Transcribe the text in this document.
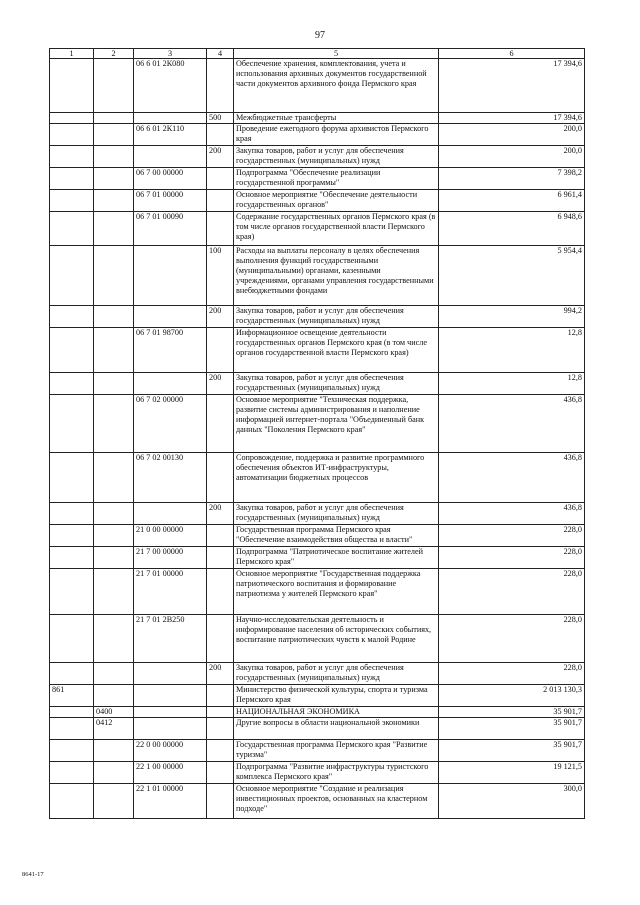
97
1	2	3	4	5	6
		06 6 01 2К080		Обеспечение хранения, комплектования, учета и использования архивных документов государственной части документов архивного фонда Пермского края	17 394,6
			500	Межбюджетные трансферты	17 394,6
		06 6 01 2К110		Проведение ежегодного форума архивистов Пермского края	200,0
			200	Закупка товаров, работ и услуг для обеспечения государственных (муниципальных) нужд	200,0
		06 7 00 00000		Подпрограмма "Обеспечение реализации государственной программы"	7 398,2
		06 7 01 00000		Основное мероприятие "Обеспечение деятельности государственных органов"	6 961,4
		06 7 01 00090		Содержание государственных органов Пермского края (в том числе органов государственной власти Пермского края)	6 948,6
			100	Расходы на выплаты персоналу в целях обеспечения выполнения функций государственными (муниципальными) органами, казенными учреждениями, органами управления государственными внебюджетными фондами	5 954,4
			200	Закупка товаров, работ и услуг для обеспечения государственных (муниципальных) нужд	994,2
		06 7 01 98700		Информационное освещение деятельности государственных органов Пермского края (в том числе органов государственной власти Пермского края)	12,8
			200	Закупка товаров, работ и услуг для обеспечения государственных (муниципальных) нужд	12,8
		06 7 02 00000		Основное мероприятие "Техническая поддержка, развитие системы администрирования и наполнение информацией интернет-портала "Объединенный банк данных "Поколения Пермского края"	436,8
		06 7 02 00130		Сопровождение, поддержка и развитие программного обеспечения объектов ИТ-инфраструктуры, автоматизации бюджетных процессов	436,8
			200	Закупка товаров, работ и услуг для обеспечения государственных (муниципальных) нужд	436,8
		21 0 00 00000		Государственная программа Пермского края "Обеспечение взаимодействия общества и власти"	228,0
		21 7 00 00000		Подпрограмма "Патриотическое воспитание жителей Пермского края"	228,0
		21 7 01 00000		Основное мероприятие "Государственная поддержка патриотического воспитания и формирование патриотизма у жителей Пермского края"	228,0
		21 7 01 2В250		Научно-исследовательская деятельность и информирование населения об исторических событиях, воспитание патриотических чувств к малой Родине	228,0
			200	Закупка товаров, работ и услуг для обеспечения государственных (муниципальных) нужд	228,0
861				Министерство физической культуры, спорта и туризма Пермского края	2 013 130,3
	0400			НАЦИОНАЛЬНАЯ ЭКОНОМИКА	35 901,7
	0412			Другие вопросы в области национальной экономики	35 901,7
		22 0 00 00000		Государственная программа Пермского края "Развитие туризма"	35 901,7
		22 1 00 00000		Подпрограмма "Развитие инфраструктуры туристского комплекса Пермского края"	19 121,5
		22 1 01 00000		Основное мероприятие "Создание и реализация инвестиционных проектов, основанных на кластерном подходе"	300,0
8641-17
